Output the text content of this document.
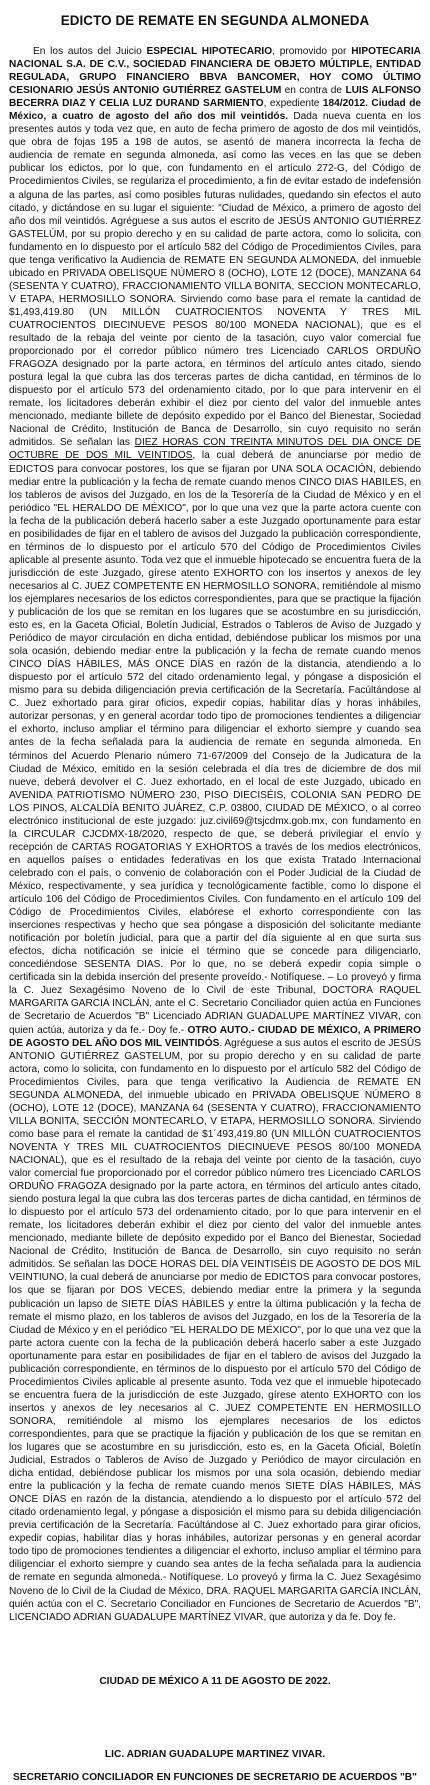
EDICTO DE REMATE EN SEGUNDA ALMONEDA

En los autos del Juicio ESPECIAL HIPOTECARIO, promovido por HIPOTECARIA NACIONAL S.A. DE C.V., SOCIEDAD FINANCIERA DE OBJETO MÚLTIPLE, ENTIDAD REGULADA, GRUPO FINANCIERO BBVA BANCOMER, HOY COMO ÚLTIMO CESIONARIO JESÚS ANTONIO GUTIÉRREZ GASTELUM en contra de LUIS ALFONSO BECERRA DIAZ Y CELIA LUZ DURAND SARMIENTO, expediente 184/2012. Ciudad de México, a cuatro de agosto del año dos mil veintidós. Dada nueva cuenta en los presentes autos y toda vez que, en auto de fecha primero de agosto de dos mil veintidós, que obra de fojas 195 a 198 de autos, se asentó de manera incorrecta la fecha de audiencia de remate en segunda almoneda, así como las veces en las que se deben publicar los edictos, por lo que, con fundamento en el artículo 272-G, del Código de Procedimientos Civiles, se regulariza el procedimiento, a fin de evitar estado de indefensión a alguna de las partes, así como posibles futuras nulidades, quedando sin efectos el auto citado, y dictándose en su lugar el siguiente: "Ciudad de México, a primero de agosto del año dos mil veintidós. Agréguese a sus autos el escrito de JESÚS ANTONIO GUTIÉRREZ GASTELÚM, por su propio derecho y en su calidad de parte actora, como lo solicita, con fundamento en lo dispuesto por el artículo 582 del Código de Procedimientos Civiles, para que tenga verificativo la Audiencia de REMATE EN SEGUNDA ALMONEDA, del inmueble ubicado en PRIVADA OBELISQUE NÚMERO 8 (OCHO), LOTE 12 (DOCE), MANZANA 64 (SESENTA Y CUATRO), FRACCIONAMIENTO VILLA BONITA, SECCION MONTECARLO, V ETAPA, HERMOSILLO SONORA. Sirviendo como base para el remate la cantidad de $1,493,419.80 (UN MILLÓN CUATROCIENTOS NOVENTA Y TRES MIL CUATROCIENTOS DIECINUEVE PESOS 80/100 MONEDA NACIONAL), que es el resultado de la rebaja del veinte por ciento de la tasación, cuyo valor comercial fue proporcionado por el corredor público número tres Licenciado CARLOS ORDUÑO FRAGOZA designado por la parte actora, en términos del artículo antes citado, siendo postura legal la que cubra las dos terceras partes de dicha cantidad, en términos de lo dispuesto por el artículo 573 del ordenamiento citado, por lo que para intervenir en el remate, los licitadores deberán exhibir el diez por ciento del valor del inmueble antes mencionado, mediante billete de depósito expedido por el Banco del Bienestar, Sociedad Nacional de Crédito, Institución de Banca de Desarrollo, sin cuyo requisito no serán admitidos. Se señalan las DIEZ HORAS CON TREINTA MINUTOS DEL DIA ONCE DE OCTUBRE DE DOS MIL VEINTIDOS, la cual deberá de anunciarse por medio de EDICTOS para convocar postores, los que se fijaran por UNA SOLA OCACIÓN, debiendo mediar entre la publicación y la fecha de remate cuando menos CINCO DIAS HABILES, en los tableros de avisos del Juzgado, en los de la Tesorería de la Ciudad de México y en el periódico "EL HERALDO DE MÉXICO", por lo que una vez que la parte actora cuente con la fecha de la publicación deberá hacerlo saber a este Juzgado oportunamente para estar en posibilidades de fijar en el tablero de avisos del Juzgado la publicación correspondiente, en términos de lo dispuesto por el artículo 570 del Código de Procedimientos Civiles aplicable al presente asunto. Toda vez que el inmueble hipotecado se encuentra fuera de la jurisdicción de este Juzgado, gírese atento EXHORTO con los insertos y anexos de ley necesarios al C. JUEZ COMPETENTE EN HERMOSILLO SONORA, remitiéndole al mismo los ejemplares necesarios de los edictos correspondientes, para que se practique la fijación y publicación de los que se remitan en los lugares que se acostumbre en su jurisdicción, esto es, en la Gaceta Oficial, Boletín Judicial, Estrados o Tableros de Aviso de Juzgado y Periódico de mayor circulación en dicha entidad, debiéndose publicar los mismos por una sola ocasión, debiendo mediar entre la publicación y la fecha de remate cuando menos CINCO DÍAS HÁBILES, MÁS ONCE DÍAS en razón de la distancia, atendiendo a lo dispuesto por el artículo 572 del citado ordenamiento legal, y póngase a disposición el mismo para su debida diligenciación previa certificación de la Secretaría. Facúltándose al C. Juez exhortado para girar oficios, expedir copias, habilitar días y horas inhábiles, autorizar personas, y en general acordar todo tipo de promociones tendientes a diligenciar el exhorto, incluso ampliar el término para diligenciar el exhorto siempre y cuando sea antes de la fecha señalada para la audiencia de remate en segunda almoneda. En términos del Acuerdo Plenario número 71-67/2009 del Consejo de la Judicatura de la Ciudad de México, emitido en la sesión celebrada el día tres de diciembre de dos mil nueve, deberá devolver el C. Juez exhortado, en el local de este Juzgado, ubicado en AVENIDA PATRIOTISMO NÚMERO 230, PISO DIECISÉIS, COLONIA SAN PEDRO DE LOS PINOS, ALCALDÍA BENITO JUÁREZ, C.P. 03800, CIUDAD DE MÉXICO, o al correo electrónico institucional de este juzgado: juz.civil69@tsjcdmx.gob.mx, con fundamento en la CIRCULAR CJCDMX-18/2020, respecto de que, se deberá privilegiar el envío y recepción de CARTAS ROGATORIAS Y EXHORTOS a través de los medios electrónicos, en aquellos países o entidades federativas en los que exista Tratado Internacional celebrado con el país, o convenio de colaboración con el Poder Judicial de la Ciudad de México, respectivamente, y sea jurídica y tecnológicamente factible, como lo dispone el artículo 106 del Código de Procedimientos Civiles. Con fundamento en el artículo 109 del Código de Procedimientos Civiles, elabórese el exhorto correspondiente con las inserciones respectivas y hecho que sea póngase a disposición del solicitante mediante notificación por boletín judicial, para que a partir del día siguiente al en que surta sus efectos, dicha notificación se inicie el término que se concede para diligenciarlo, concediéndose SESENTA DIAS. Por lo que, no se deberá expedir copia simple o certificada sin la debida inserción del presente proveído.- Notifíquese. – Lo proveyó y firma la C. Juez Sexagésimo Noveno de lo Civil de este Tribunal, DOCTORA RAQUEL MARGARITA GARCIA INCLÁN, ante el C. Secretario Conciliador quien actúa en Funciones de Secretario de Acuerdos "B" Licenciado ADRIAN GUADALUPE MARTÍNEZ VIVAR, con quien actúa, autoriza y da fe.- Doy fe.- OTRO AUTO.- CIUDAD DE MÉXICO, A PRIMERO DE AGOSTO DEL AÑO DOS MIL VEINTIDÓS. Agréguese a sus autos el escrito de JESÚS ANTONIO GUTIÉRREZ GASTELUM, por su propio derecho y en su calidad de parte actora, como lo solicita, con fundamento en lo dispuesto por el artículo 582 del Código de Procedimientos Civiles, para que tenga verificativo la Audiencia de REMATE EN SEGUNDA ALMONEDA, del inmueble ubicado en PRIVADA OBELISQUE NÚMERO 8 (OCHO), LOTE 12 (DOCE), MANZANA 64 (SESENTA Y CUATRO), FRACCIONAMIENTO VILLA BONITA, SECCIÓN MONTECARLO, V ETAPA, HERMOSILLO SONORA. Sirviendo como base para el remate la cantidad de $1´493,419.80 (UN MILLÓN CUATROCIENTOS NOVENTA Y TRES MIL CUATROCIENTOS DIECINUEVE PESOS 80/100 MONEDA NACIONAL), que es el resultado de la rebaja del veinte por ciento de la tasación, cuyo valor comercial fue proporcionado por el corredor público número tres Licenciado CARLOS ORDUÑO FRAGOZA designado por la parte actora, en términos del artículo antes citado, siendo postura legal la que cubra las dos terceras partes de dicha cantidad, en términos de lo dispuesto por el artículo 573 del ordenamiento citado, por lo que para intervenir en el remate, los licitadores deberán exhibir el diez por ciento del valor del inmueble antes mencionado, mediante billete de depósito expedido por el Banco del Bienestar, Sociedad Nacional de Crédito, Institución de Banca de Desarrollo, sin cuyo requisito no serán admitidos. Se señalan las DOCE HORAS DEL DÍA VEINTISÉIS DE AGOSTO DE DOS MIL VEINTIUNO, la cual deberá de anunciarse por medio de EDICTOS para convocar postores, los que se fijaran por DOS VECES, debiendo mediar entre la primera y la segunda publicación un lapso de SIETE DÍAS HÁBILES y entre la última publicación y la fecha de remate el mismo plazo, en los tableros de avisos del Juzgado, en los de la Tesorería de la Ciudad de México y en el periódico "EL HERALDO DE MÉXICO", por lo que una vez que la parte actora cuente con la fecha de la publicación deberá hacerlo saber a este Juzgado oportunamente para estar en posibilidades de fijar en el tablero de avisos del Juzgado la publicación correspondiente, en términos de lo dispuesto por el artículo 570 del Código de Procedimientos Civiles aplicable al presente asunto. Toda vez que el inmueble hipotecado se encuentra fuera de la jurisdicción de este Juzgado, gírese atento EXHORTO con los insertos y anexos de ley necesarios al C. JUEZ COMPETENTE EN HERMOSILLO SONORA, remitiéndole al mismo los ejemplares necesarios de los edictos correspondientes, para que se practique la fijación y publicación de los que se remitan en los lugares que se acostumbre en su jurisdicción, esto es, en la Gaceta Oficial, Boletín Judicial, Estrados o Tableros de Aviso de Juzgado y Periódico de mayor circulación en dicha entidad, debiéndose publicar los mismos por una sola ocasión, debiendo mediar entre la publicación y la fecha de remate cuando menos SIETE DÍAS HÁBILES, MÁS ONCE DÍAS en razón de la distancia, atendiendo a lo dispuesto por el artículo 572 del citado ordenamiento legal, y póngase a disposición el mismo para su debida diligenciación previa certificación de la Secretaría. Facúltándose al C. Juez exhortado para girar oficios, expedir copias, habilitar días y horas inhábiles, autorizar personas y en general acordar todo tipo de promociones tendientes a diligenciar el exhorto, incluso ampliar el término para diligenciar el exhorto siempre y cuando sea antes de la fecha señalada para la audiencia de remate en segunda almoneda.- Notifíquese. Lo proveyó y firma la C. Juez Sexagésimo Noveno de lo Civil de la Ciudad de México, DRA. RAQUEL MARGARITA GARCÍA INCLÁN, quién actúa con el C. Secretario Conciliador en Funciones de Secretario de Acuerdos "B", LICENCIADO ADRIAN GUADALUPE MARTÍNEZ VIVAR, que autoriza y da fe. Doy fe.

CIUDAD DE MÉXICO A 11 DE AGOSTO DE 2022.
LIC. ADRIAN GUADALUPE MARTINEZ VIVAR.
SECRETARIO CONCILIADOR EN FUNCIONES DE SECRETARIO DE ACUERDOS "B"
